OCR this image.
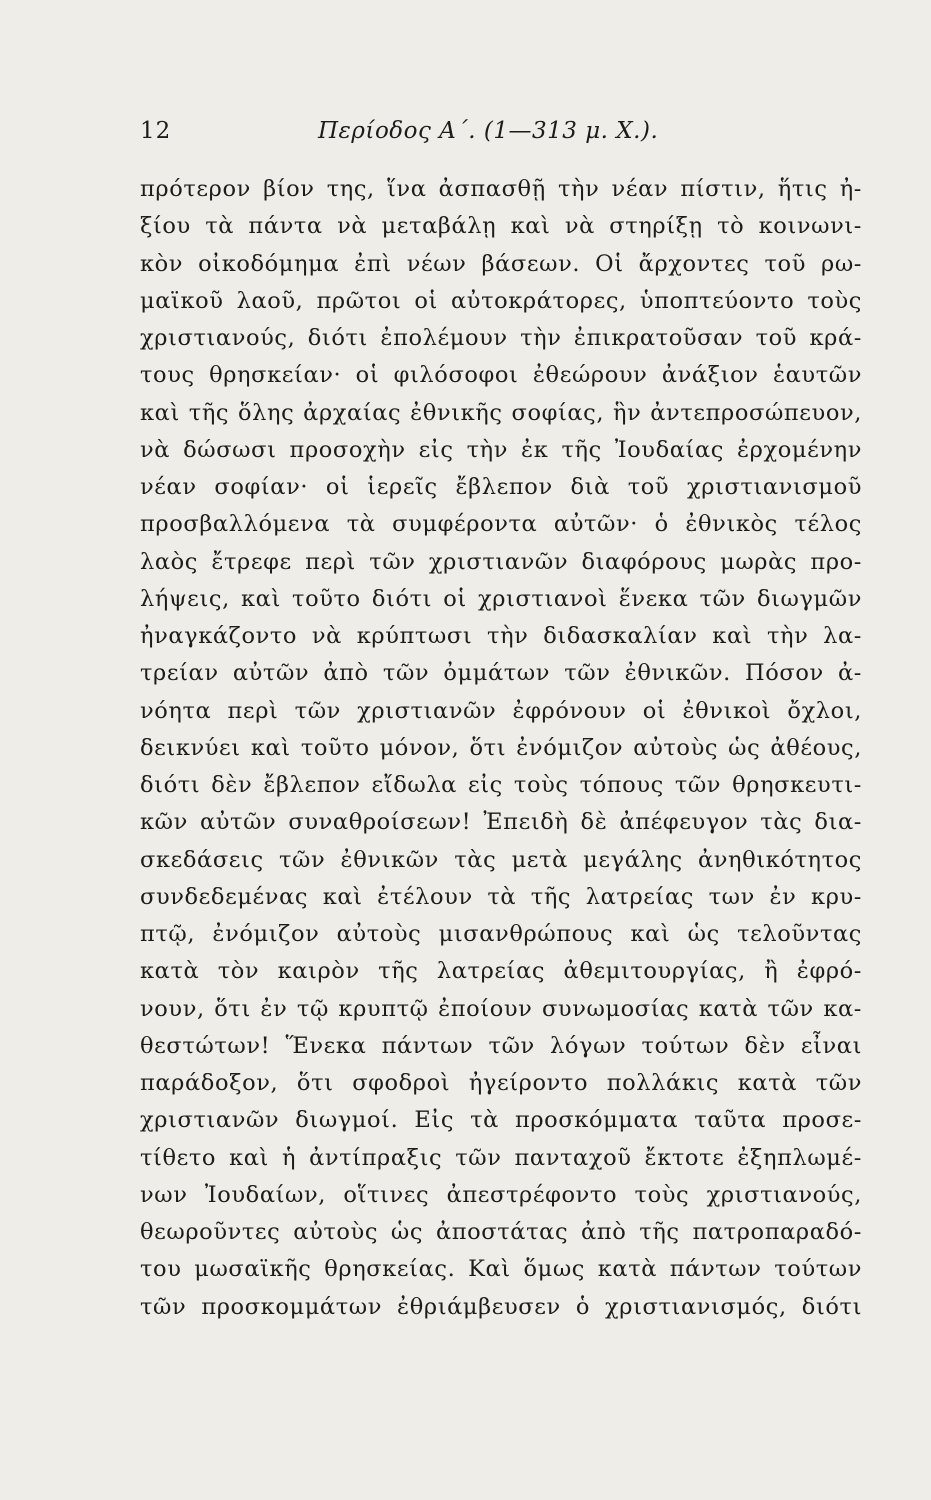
12	Περίοδος Α΄. (1—313 μ. Χ.).
πρότερον βίον της, ἵνα ἀσπασθῇ τὴν νέαν πίστιν, ἥτις ἠ-
ξίου τὰ πάντα νὰ μεταβάλῃ καὶ νὰ στηρίξῃ τὸ κοινωνι-
κὸν οἰκοδόμημα ἐπὶ νέων βάσεων. Οἱ ἄρχοντες τοῦ ρω-
μαϊκοῦ λαοῦ, πρῶτοι οἱ αὐτοκράτορες, ὑποπτεύοντο τοὺς
χριστιανούς, διότι ἐπολέμουν τὴν ἐπικρατοῦσαν τοῦ κρά-
τους θρησκείαν· οἱ φιλόσοφοι ἐθεώρουν ἀνάξιον ἑαυτῶν
καὶ τῆς ὅλης ἀρχαίας ἐθνικῆς σοφίας, ἣν ἀντεπροσώπευον,
νὰ δώσωσι προσοχὴν εἰς τὴν ἐκ τῆς Ἰουδαίας ἐρχομένην
νέαν σοφίαν· οἱ ἱερεῖς ἔβλεπον διὰ τοῦ χριστιανισμοῦ
προσβαλλόμενα τὰ συμφέροντα αὐτῶν· ὁ ἐθνικὸς τέλος
λαὸς ἔτρεφε περὶ τῶν χριστιανῶν διαφόρους μωρὰς προ-
λήψεις, καὶ τοῦτο διότι οἱ χριστιανοὶ ἕνεκα τῶν διωγμῶν
ἠναγκάζοντο νὰ κρύπτωσι τὴν διδασκαλίαν καὶ τὴν λα-
τρείαν αὐτῶν ἀπὸ τῶν ὀμμάτων τῶν ἐθνικῶν. Πόσον ἀ-
νόητα περὶ τῶν χριστιανῶν ἐφρόνουν οἱ ἐθνικοὶ ὄχλοι,
δεικνύει καὶ τοῦτο μόνον, ὅτι ἐνόμιζον αὐτοὺς ὡς ἀθέους,
διότι δὲν ἔβλεπον εἴδωλα εἰς τοὺς τόπους τῶν θρησκευτι-
κῶν αὐτῶν συναθροίσεων! Ἐπειδὴ δὲ ἀπέφευγον τὰς δια-
σκεδάσεις τῶν ἐθνικῶν τὰς μετὰ μεγάλης ἀνηθικότητος
συνδεδεμένας καὶ ἐτέλουν τὰ τῆς λατρείας των ἐν κρυ-
πτῷ, ἐνόμιζον αὐτοὺς μισανθρώπους καὶ ὡς τελοῦντας
κατὰ τὸν καιρὸν τῆς λατρείας ἀθεμιτουργίας, ἢ ἐφρό-
νουν, ὅτι ἐν τῷ κρυπτῷ ἐποίουν συνωμοσίας κατὰ τῶν κα-
θεστώτων! Ἕνεκα πάντων τῶν λόγων τούτων δὲν εἶναι
παράδοξον, ὅτι σφοδροὶ ἠγείροντο πολλάκις κατὰ τῶν
χριστιανῶν διωγμοί. Εἰς τὰ προσκόμματα ταῦτα προσε-
τίθετο καὶ ἡ ἀντίπραξις τῶν πανταχοῦ ἔκτοτε ἐξηπλωμέ-
νων Ἰουδαίων, οἵτινες ἀπεστρέφοντο τοὺς χριστιανούς,
θεωροῦντες αὐτοὺς ὡς ἀποστάτας ἀπὸ τῆς πατροπαραδό-
του μωσαϊκῆς θρησκείας. Καὶ ὅμως κατὰ πάντων τούτων
τῶν προσκομμάτων ἐθριάμβευσεν ὁ χριστιανισμός, διότι
